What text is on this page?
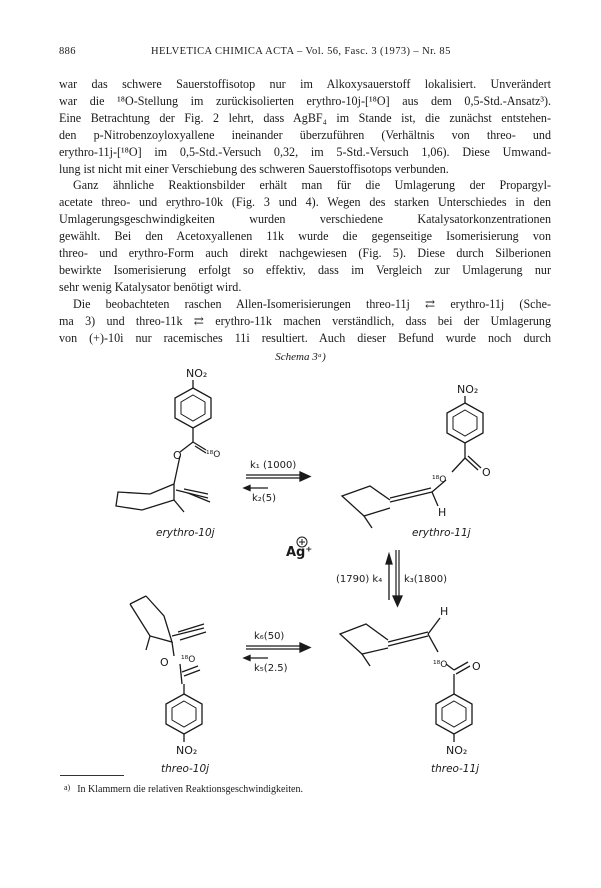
886	HELVETICA CHIMICA ACTA – Vol. 56, Fasc. 3 (1973) – Nr. 85

war das schwere Sauerstoffisotop nur im Alkoxysauerstoff lokalisiert. Unverändert
war die ¹⁸O-Stellung im zurückisolierten erythro-10j-[¹⁸O] aus dem 0,5-Std.-Ansatz³).
Eine Betrachtung der Fig. 2 lehrt, dass AgBF₄ im Stande ist, die zunächst entstehen-
den p-Nitrobenzoyloxyallene ineinander überzuführen (Verhältnis von threo- und
erythro-11j-[¹⁸O] im 0,5-Std.-Versuch 0,32, im 5-Std.-Versuch 1,06). Diese Umwand-
lung ist nicht mit einer Verschiebung des schweren Sauerstoffisotops verbunden.

Ganz ähnliche Reaktionsbilder erhält man für die Umlagerung der Propargyl-
acetate threo- und erythro-10k (Fig. 3 und 4). Wegen des starken Unterschiedes in den
Umlagerungsgeschwindigkeiten wurden verschiedene Katalysatorkonzentrationen
gewählt. Bei den Acetoxyallenen 11k wurde die gegenseitige Isomerisierung von
threo- und erythro-Form auch direkt nachgewiesen (Fig. 5). Diese durch Silberionen
bewirkte Isomerisierung erfolgt so effektiv, dass im Vergleich zur Umlagerung nur
sehr wenig Katalysator benötigt wird.

Die beobachteten raschen Allen-Isomerisierungen threo-11j ⇄ erythro-11j (Sche-
ma 3) und threo-11k ⇄ erythro-11k machen verständlich, dass bei der Umlagerung
von (+)-10i nur racemisches 11i resultiert. Auch dieser Befund wurde noch durch

Schema 3ᵃ)
NO₂
O	¹⁸O
NO₂
O
¹⁸O
H
k₁ (1000)
k₂(5)
Ag⁺
(1790) k₄ k₃(1800)
k₆(50)
k₅(2.5)
O ¹⁸O
NO₂
H
¹⁸O O
NO₂
erythro-10j	erythro-11j
threo-10j	threo-11j
$^{a)}$ In Klammern die relativen Reaktionsgeschwindigkeiten.
